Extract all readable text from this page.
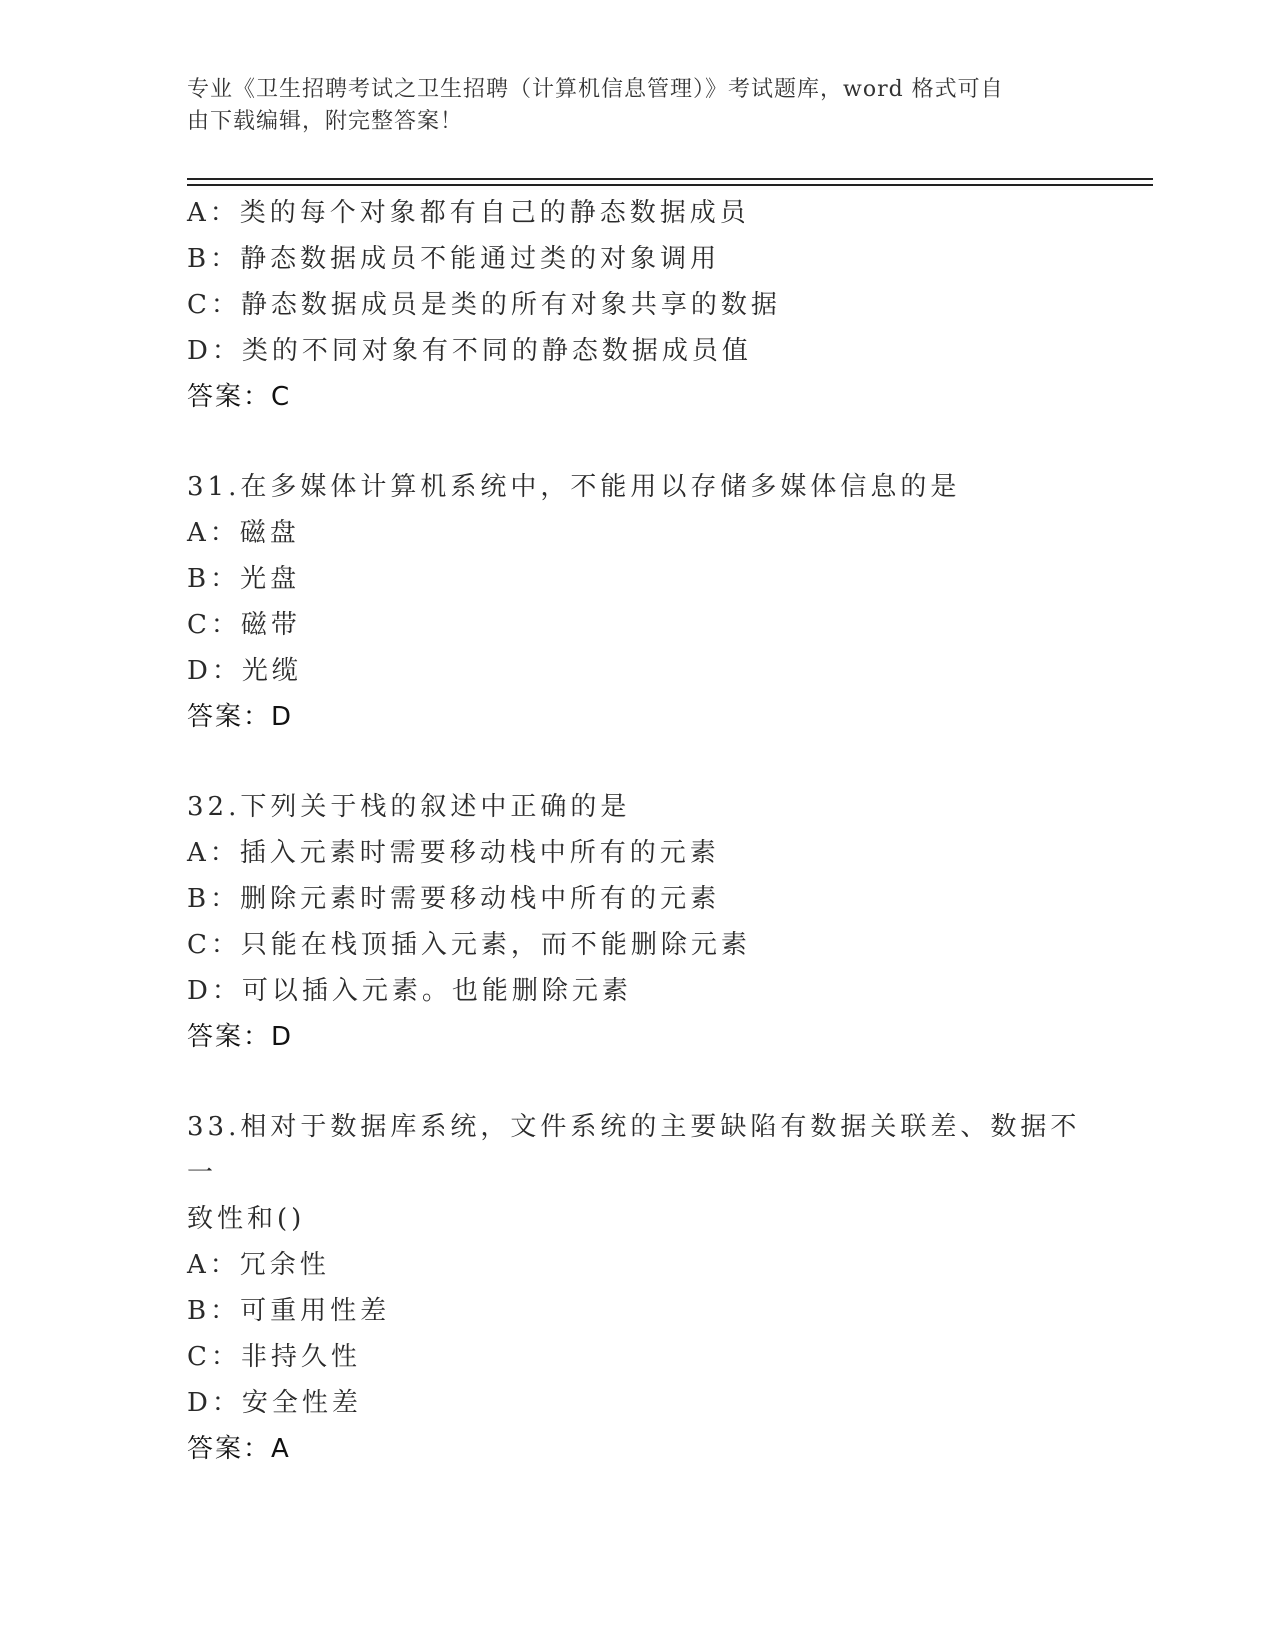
专业《卫生招聘考试之卫生招聘（计算机信息管理）》考试题库，word 格式可自
由下载编辑，附完整答案！
A：类的每个对象都有自己的静态数据成员
B：静态数据成员不能通过类的对象调用
C：静态数据成员是类的所有对象共享的数据
D：类的不同对象有不同的静态数据成员值
答案：C
31.在多媒体计算机系统中，不能用以存储多媒体信息的是
A：磁盘
B：光盘
C：磁带
D：光缆
答案：D
32.下列关于栈的叙述中正确的是
A：插入元素时需要移动栈中所有的元素
B：删除元素时需要移动栈中所有的元素
C：只能在栈顶插入元素，而不能删除元素
D：可以插入元素。也能删除元素
答案：D
33.相对于数据库系统，文件系统的主要缺陷有数据关联差、数据不一
致性和()
A：冗余性
B：可重用性差
C：非持久性
D：安全性差
答案：A
